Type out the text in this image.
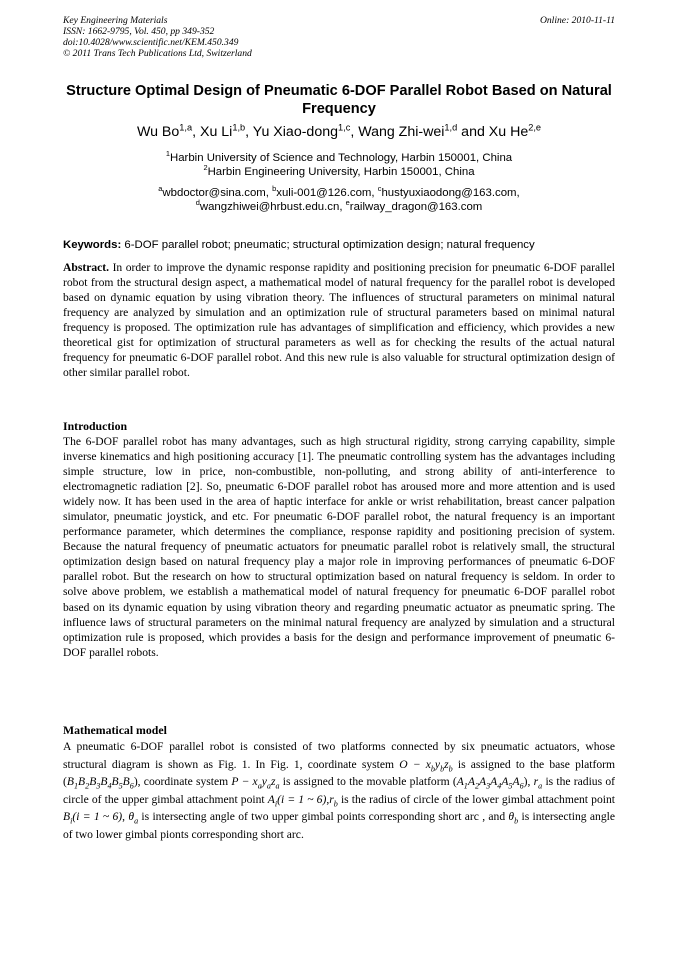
Key Engineering Materials
ISSN: 1662-9795, Vol. 450, pp 349-352
doi:10.4028/www.scientific.net/KEM.450.349
© 2011 Trans Tech Publications Ltd, Switzerland
Online: 2010-11-11
Structure Optimal Design of Pneumatic 6-DOF Parallel Robot Based on Natural Frequency
Wu Bo$^{1,a}$, Xu Li$^{1,b}$, Yu Xiao-dong$^{1,c}$, Wang Zhi-wei$^{1,d}$ and Xu He$^{2,e}$
$^1$Harbin University of Science and Technology, Harbin 150001, China
$^2$Harbin Engineering University, Harbin 150001, China
$^a$wbdoctor@sina.com, $^b$xuli-001@126.com, $^c$hustyuxiaodong@163.com,
$^d$wangzhiwei@hrbust.edu.cn, $^e$railway_dragon@163.com
Keywords: 6-DOF parallel robot; pneumatic; structural optimization design; natural frequency
Abstract. In order to improve the dynamic response rapidity and positioning precision for pneumatic 6-DOF parallel robot from the structural design aspect, a mathematical model of natural frequency for the parallel robot is developed based on dynamic equation by using vibration theory. The influences of structural parameters on minimal natural frequency are analyzed by simulation and an optimization rule of structural parameters based on minimal natural frequency is proposed. The optimization rule has advantages of simplification and efficiency, which provides a new theoretical gist for optimization of structural parameters as well as for checking the results of the actual natural frequency for pneumatic 6-DOF parallel robot. And this new rule is also valuable for structural optimization design of other similar parallel robot.
Introduction
The 6-DOF parallel robot has many advantages, such as high structural rigidity, strong carrying capability, simple inverse kinematics and high positioning accuracy [1]. The pneumatic controlling system has the advantages including simple structure, low in price, non-combustible, non-polluting, and strong ability of anti-interference to electromagnetic radiation [2]. So, pneumatic 6-DOF parallel robot has aroused more and more attention and is used widely now. It has been used in the area of haptic interface for ankle or wrist rehabilitation, breast cancer palpation simulator, pneumatic joystick, and etc. For pneumatic 6-DOF parallel robot, the natural frequency is an important performance parameter, which determines the compliance, response rapidity and positioning precision of system. Because the natural frequency of pneumatic actuators for pneumatic parallel robot is relatively small, the structural optimization design based on natural frequency play a major role in improving performances of pneumatic 6-DOF parallel robot. But the research on how to structural optimization based on natural frequency is seldom. In order to solve above problem, we establish a mathematical model of natural frequency for pneumatic 6-DOF parallel robot based on its dynamic equation by using vibration theory and regarding pneumatic actuator as pneumatic spring. The influence laws of structural parameters on the minimal natural frequency are analyzed by simulation and a structural optimization rule is proposed, which provides a basis for the design and performance improvement of pneumatic 6-DOF parallel robots.
Mathematical model
A pneumatic 6-DOF parallel robot is consisted of two platforms connected by six pneumatic actuators, whose structural diagram is shown as Fig. 1. In Fig. 1, coordinate system $O - x_by_bz_b$ is assigned to the base platform $(B_1B_2B_3B_4B_5B_6)$, coordinate system $P - x_ay_az_a$ is assigned to the movable platform $(A_1A_2A_3A_4A_5A_6)$, $r_a$ is the radius of circle of the upper gimbal attachment point $A_i(i = 1$ ~ $6),r_b$ is the radius of circle of the lower gimbal attachment point $B_i(i = 1$ ~ 6), $\theta_a$ is intersecting angle of two upper gimbal points corresponding short arc , and $\theta_b$ is intersecting angle of two lower gimbal pionts corresponding short arc.
